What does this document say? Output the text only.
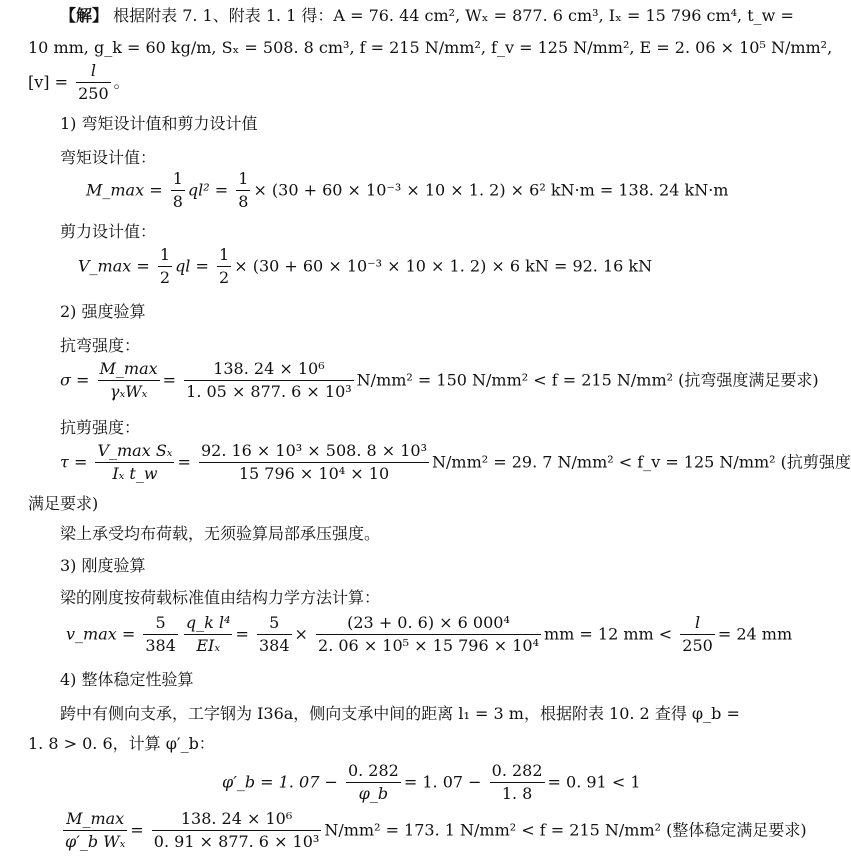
【解】 根据附表 7. 1、附表 1. 1 得：A = 76. 44 cm², Wₓ = 877. 6 cm³, Iₓ = 15 796 cm⁴, t_w =
10 mm, g_k = 60 kg/m, Sₓ = 508. 8 cm³, f = 215 N/mm², f_v = 125 N/mm², E = 2. 06 × 10⁵ N/mm²,
$[v] = \frac{l}{250}$ 。
1) 弯矩设计值和剪力设计值
弯矩设计值：
M_max = $\frac{1}{8} ql^2 = \frac{1}{8} \times (30 + 60 \times 10^{-3} \times 10 \times 1$. 2) × 6² kN·m = 138. 24 kN·m
剪力设计值：
V_max = $\frac{1}{2}$ ql = $\frac{1}{2} \times (30 + 60 \times 10^{-3} \times 10 \times 1$. 2) × 6 kN = 92. 16 kN
2) 强度验算
抗弯强度：
$\sigma = \frac{M\_\max}{\text{γₓWₓ}} = \frac{\text{138. 24 × 10⁶}}{\text{1. 05 × 877. 6 × 10³}} N/mm^2 = 150$ N/mm² < f = 215 N/mm² (抗弯强度满足要求)
抗剪强度：
$\tau = \frac{\text{V\_max Sₓ}}{\text{Iₓ t\_w}} = \frac{\text{92. 16 × 10³ × 508. 8 × 10³}}{\text{15 796 × 10⁴ × 10}} N/mm^2 = 29$. 7 N/mm² < f_v = 125 N/mm² (抗剪强度
满足要求)
梁上承受均布荷载，无须验算局部承压强度。
3) 刚度验算
梁的刚度按荷载标准值由结构力学方法计算：
v_max = $\frac{5}{384} \frac{\text{q\_k l⁴}}{\text{EIₓ}} = \frac{5}{384} \times \frac{\text{(23 + 0. 6) × 6 000⁴}}{\text{2. 06 × 10⁵ × 15 796 × 10⁴}}$ mm = 12 mm < $\frac{l}{250} = 24$ mm
4) 整体稳定性验算
跨中有侧向支承，工字钢为 I36a，侧向支承中间的距离 l₁ = 3 m，根据附表 10. 2 查得 φ_b =
1. 8 > 0. 6，计算 φ′_b：
φ′_b = 1. $07 - \frac{0. 282}{\varphi\_b} = 1$. $07 - \frac{0. 282}{1. 8} = 0$. 91 < 1
$\frac{M\_\max}{\text{φ′\_b Wₓ}} = \frac{\text{138. 24 × 10⁶}}{\text{0. 91 × 877. 6 × 10³}} N/mm^2 = 173$. 1 N/mm² < f = 215 N/mm² (整体稳定满足要求)
